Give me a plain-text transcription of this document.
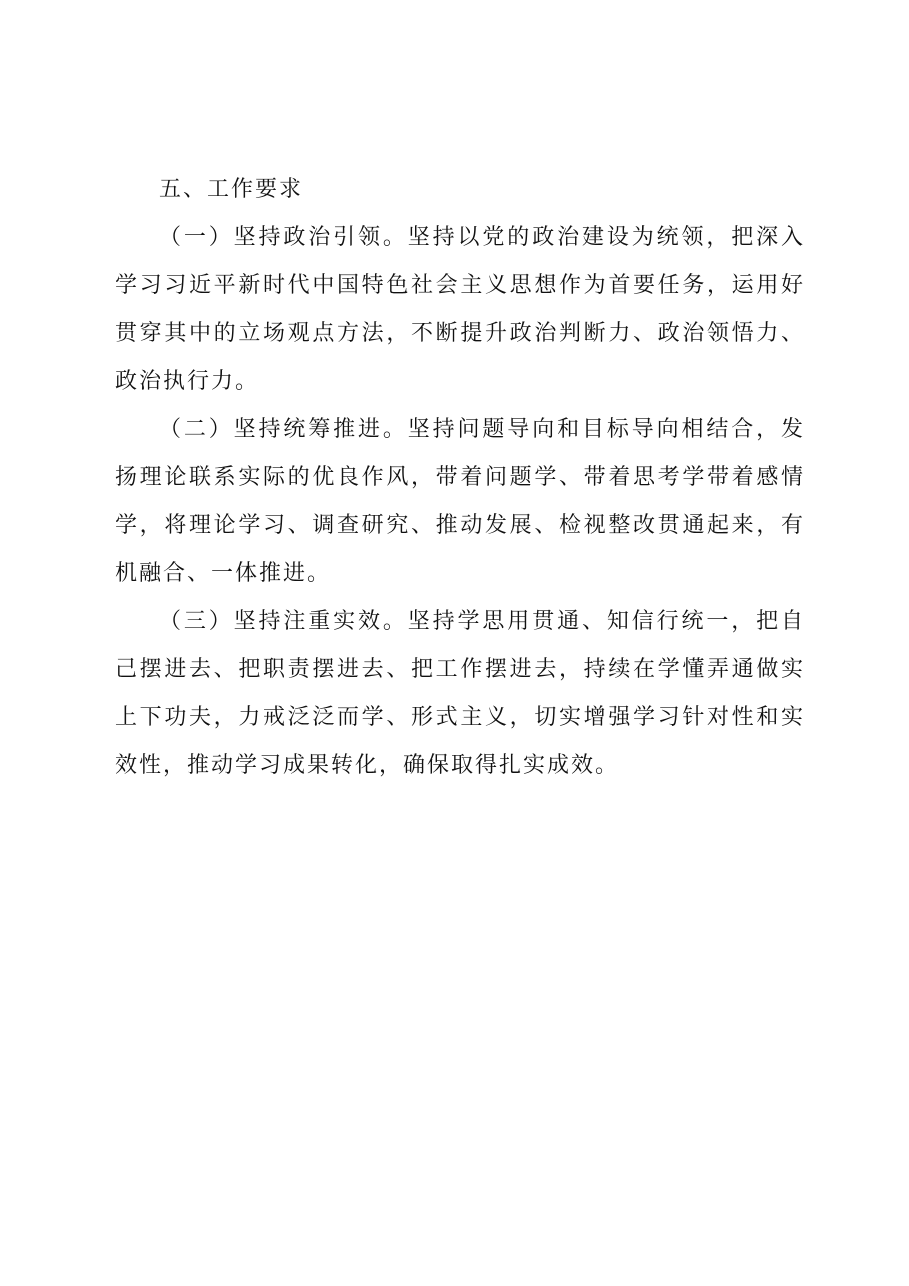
五、工作要求

（一）坚持政治引领。坚持以党的政治建设为统领，把深入学习习近平新时代中国特色社会主义思想作为首要任务，运用好贯穿其中的立场观点方法，不断提升政治判断力、政治领悟力、政治执行力。

（二）坚持统筹推进。坚持问题导向和目标导向相结合，发扬理论联系实际的优良作风，带着问题学、带着思考学带着感情学，将理论学习、调查研究、推动发展、检视整改贯通起来，有机融合、一体推进。

（三）坚持注重实效。坚持学思用贯通、知信行统一，把自己摆进去、把职责摆进去、把工作摆进去，持续在学懂弄通做实上下功夫，力戒泛泛而学、形式主义，切实增强学习针对性和实效性，推动学习成果转化，确保取得扎实成效。
